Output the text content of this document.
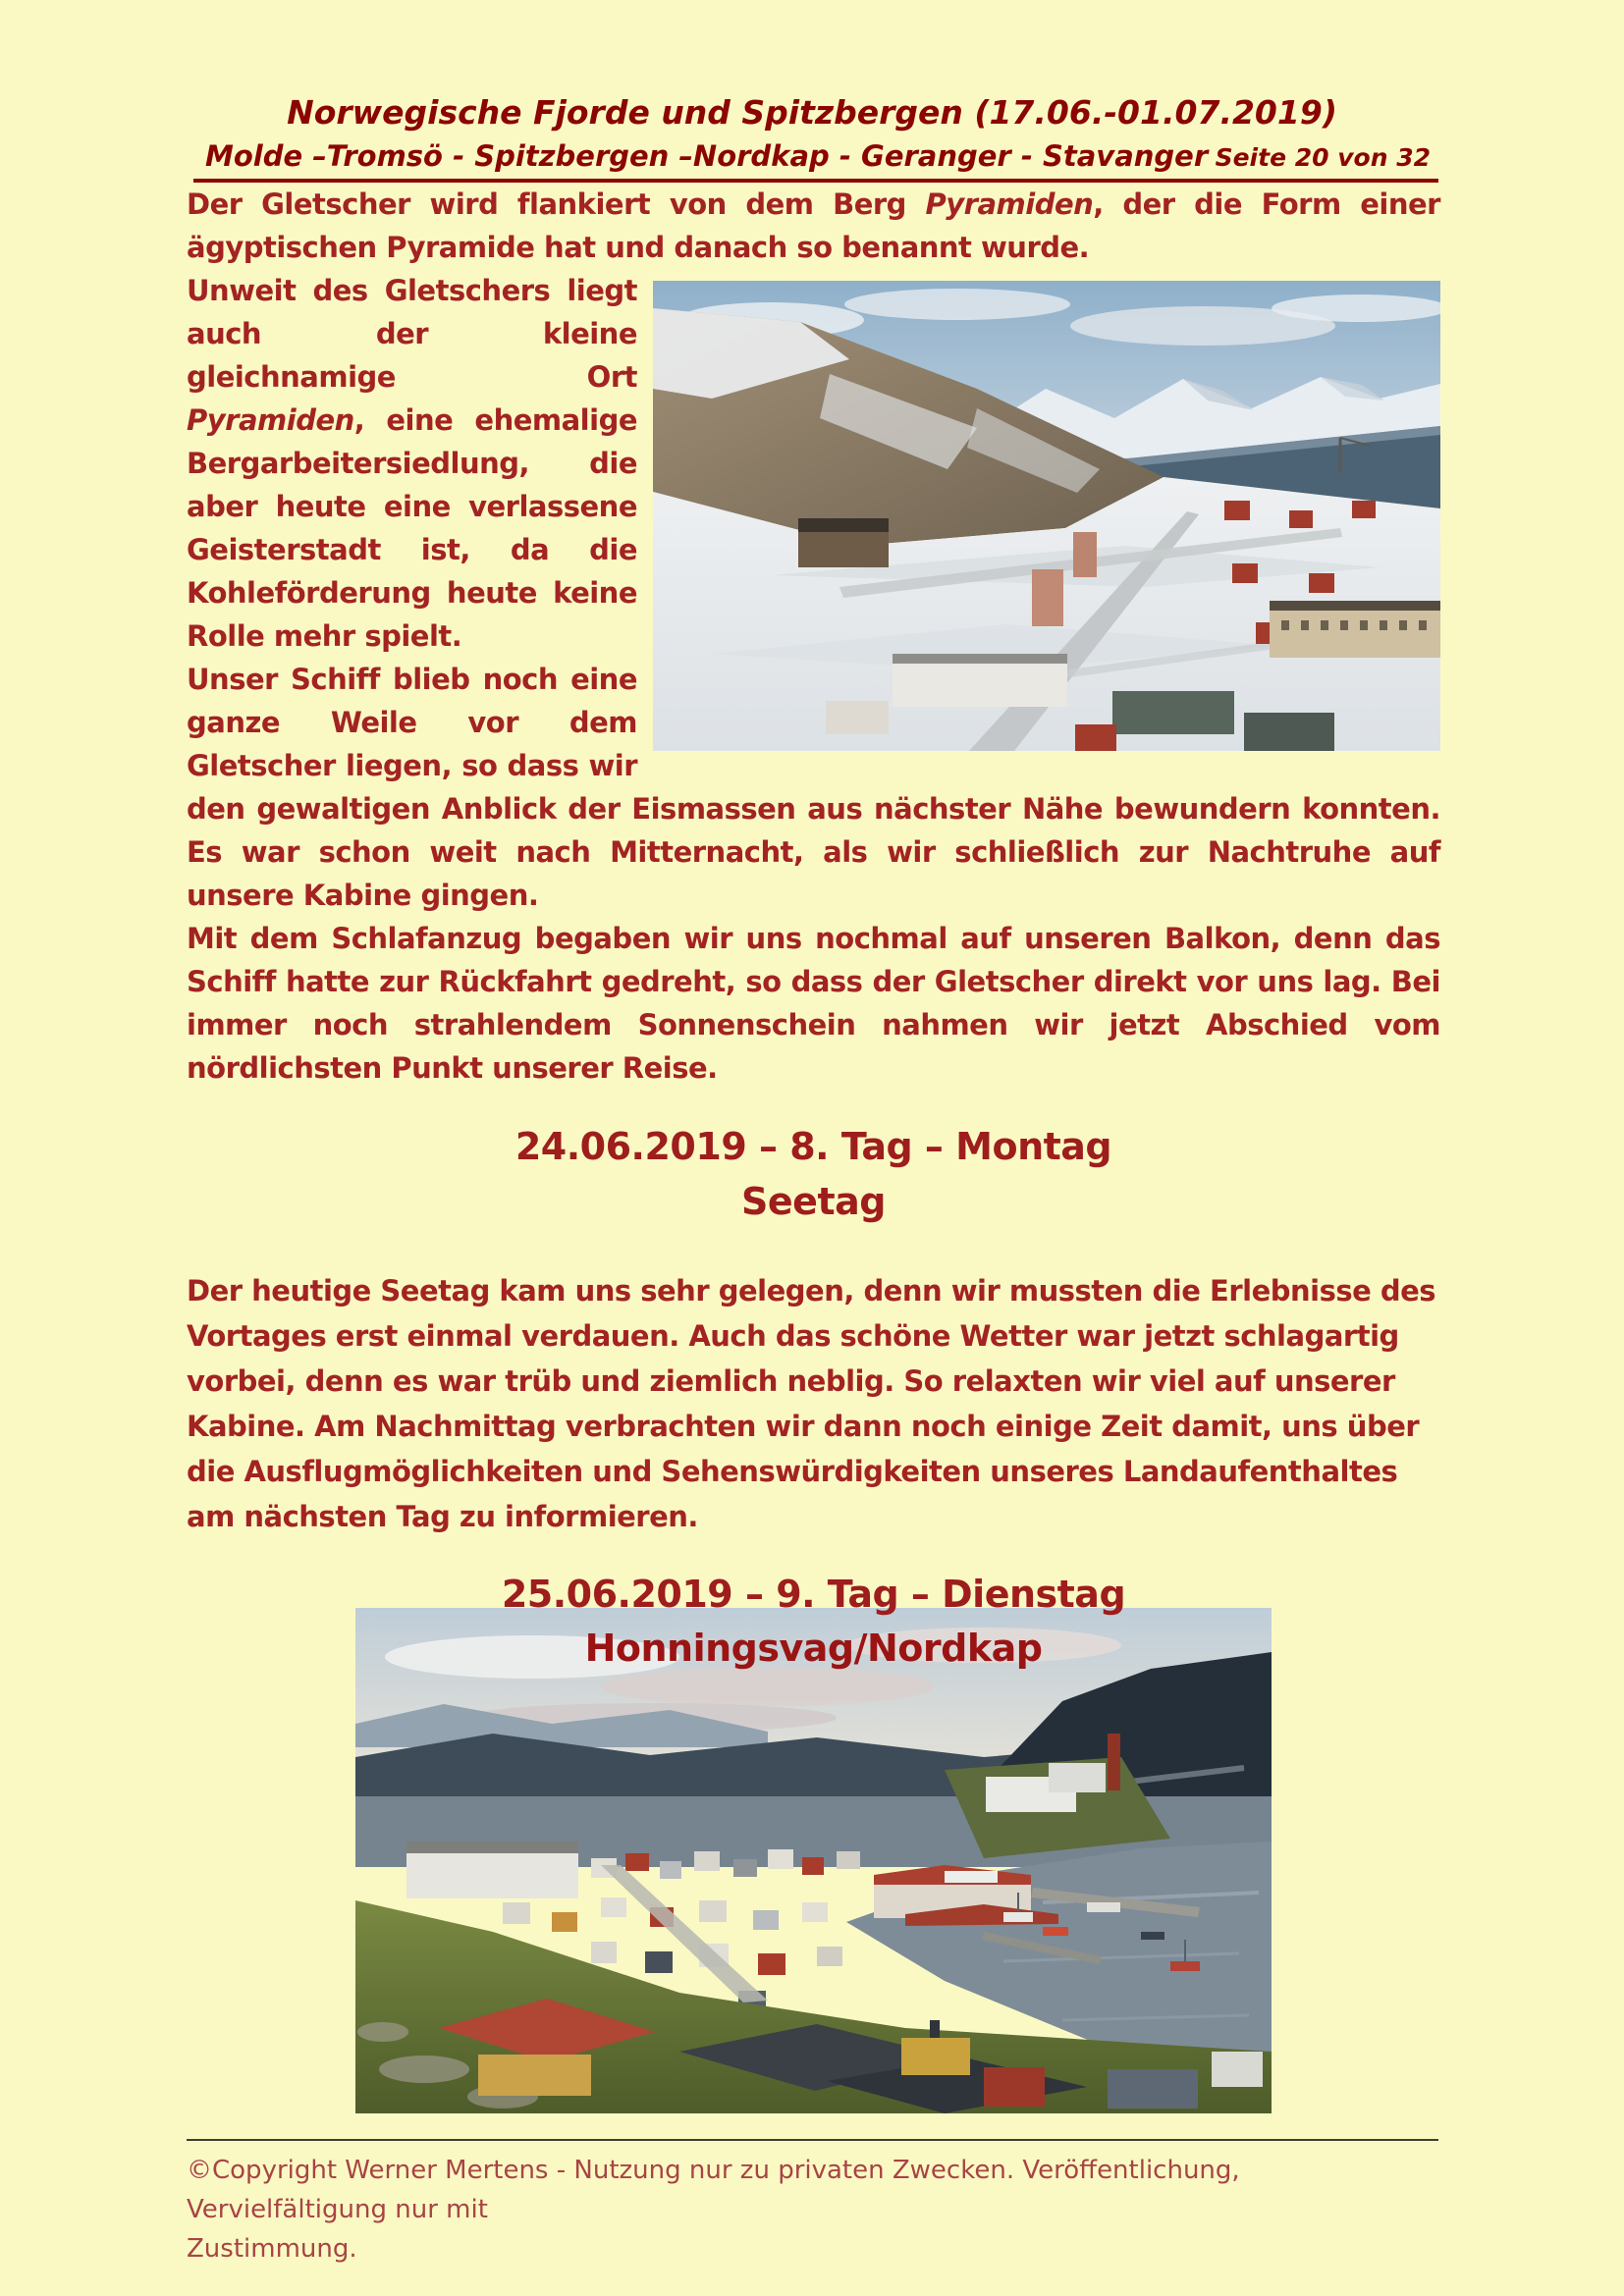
Norwegische Fjorde und Spitzbergen (17.06.-01.07.2019)
Molde –Tromsö - Spitzbergen –Nordkap - Geranger - Stavanger Seite 20 von 32

Der Gletscher wird flankiert von dem Berg Pyramiden, der die Form einer ägyptischen Pyramide hat und danach so benannt wurde.

Unweit des Gletschers liegt auch der kleine gleichnamige Ort Pyramiden, eine ehemalige Bergarbeitersiedlung, die aber heute eine verlassene Geisterstadt ist, da die Kohleförderung heute keine Rolle mehr spielt.

Unser Schiff blieb noch eine ganze Weile vor dem Gletscher liegen, so dass wir den gewaltigen Anblick der Eismassen aus nächster Nähe bewundern konnten. Es war schon weit nach Mitternacht, als wir schließlich zur Nachtruhe auf unsere Kabine gingen.

Mit dem Schlafanzug begaben wir uns nochmal auf unseren Balkon, denn das Schiff hatte zur Rückfahrt gedreht, so dass der Gletscher direkt vor uns lag. Bei immer noch strahlendem Sonnenschein nahmen wir jetzt Abschied vom nördlichsten Punkt unserer Reise.

24.06.2019 – 8. Tag – Montag
Seetag

Der heutige Seetag kam uns sehr gelegen, denn wir mussten die Erlebnisse des Vortages erst einmal verdauen. Auch das schöne Wetter war jetzt schlagartig vorbei, denn es war trüb und ziemlich neblig. So relaxten wir viel auf unserer Kabine. Am Nachmittag verbrachten wir dann noch einige Zeit damit, uns über die Ausflugmöglichkeiten und Sehenswürdigkeiten unseres Landaufenthaltes am nächsten Tag zu informieren.

25.06.2019 – 9. Tag – Dienstag
Honningsvag/Nordkap

©Copyright Werner Mertens - Nutzung nur zu privaten Zwecken. Veröffentlichung, Vervielfältigung nur mit
Zustimmung.
